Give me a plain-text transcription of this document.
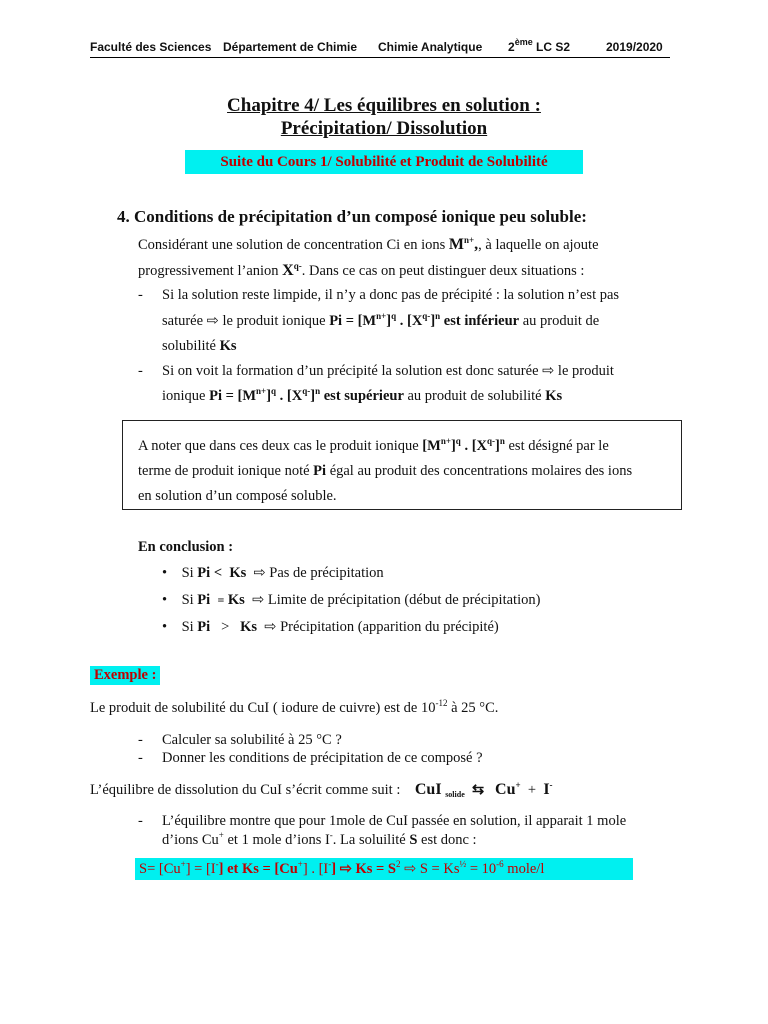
Faculté des Sciences Département de Chimie Chimie Analytique 2ème LC S2	2019/2020

Chapitre 4/ Les équilibres en solution :
Précipitation/ Dissolution
Suite du Cours 1/ Solubilité et Produit de Solubilité
4. Conditions de précipitation d’un composé ionique peu soluble:
Considérant une solution de concentration Ci en ions $M^{n+}$,, à laquelle on ajoute
progressivement l’anion $X^{q-}$. Dans ce cas on peut distinguer deux situations :
- Si la solution reste limpide, il n’y a donc pas de précipité : la solution n’est pas
saturée ⇨ le produit ionique $Pi = [M^{n+}]^q$ . $[X^{q-}]^n$ est inférieur au produit de
solubilité Ks
- Si on voit la formation d’un précipité la solution est donc saturée ⇨ le produit
ionique $Pi = [M^{n+}]^q$ . $[X^{q-}]^n$ est supérieur au produit de solubilité Ks
A noter que dans ces deux cas le produit ionique $[M^{n+}]^q$ . $[X^{q-}]^n$ est désigné par le
terme de produit ionique noté Pi égal au produit des concentrations molaires des ions
en solution d’un composé soluble.
En conclusion :
•    Si Pi < Ks ⇨ Pas de précipitation
•    Si Pi = Ks ⇨ Limite de précipitation (début de précipitation)
•    Si Pi > Ks ⇨ Précipitation (apparition du précipité)
Exemple :
Le produit de solubilité du CuI ( iodure de cuivre) est de $10^{-12}$ à 25 °C.
- Calculer sa solubilité à 25 °C ?
- Donner les conditions de précipitation de ce composé ?
L’équilibre de dissolution du CuI s’écrit comme suit :    CuI $_{solide}$ ⇆ Cu+  +  I-
- L’équilibre montre que pour 1mole de CuI passée en solution, il apparait 1 mole
d’ions Cu+ et 1 mole d’ions I-. La soluilité S est donc :
S= [Cu+] = [I-] et Ks = [Cu+] . [I-] ⇨ $Ks = S^2$ ⇨ $S = Ks^{\frac{1}{2}} = 10^{-6}$ mole/l
